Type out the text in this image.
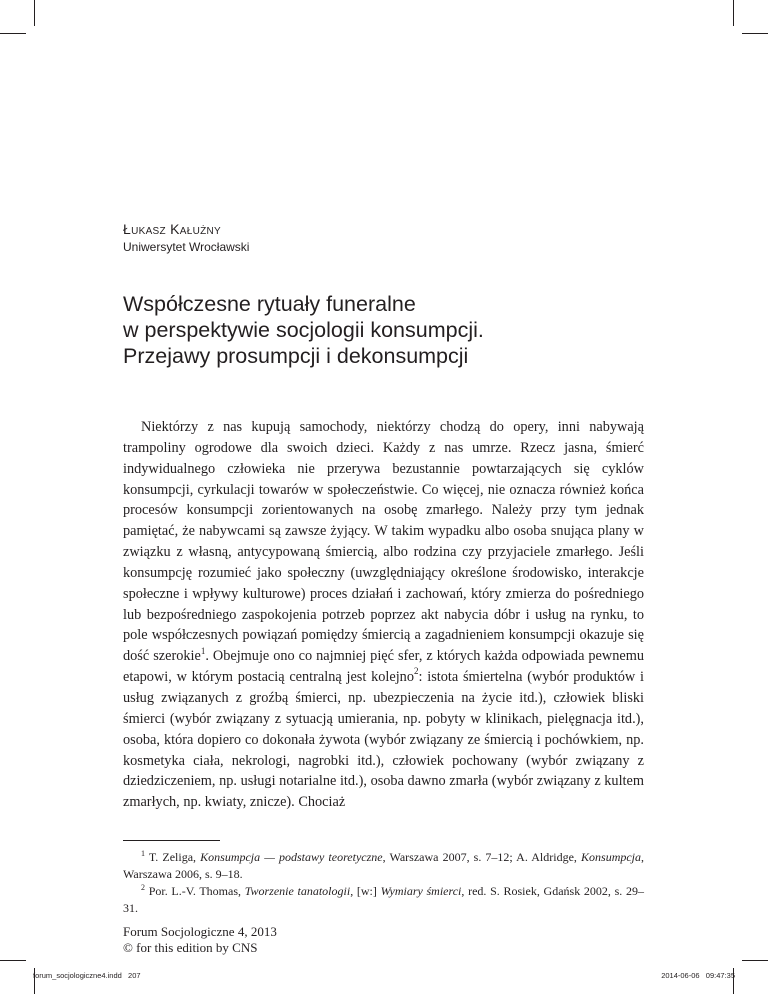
Łukasz Kałużny
Uniwersytet Wrocławski
Współczesne rytuały funeralne
w perspektywie socjologii konsumpcji.
Przejawy prosumpcji i dekonsumpcji

Niektórzy z nas kupują samochody, niektórzy chodzą do opery, inni nabywają trampoliny ogrodowe dla swoich dzieci. Każdy z nas umrze. Rzecz jasna, śmierć indywidualnego człowieka nie przerywa bezustannie powtarzających się cyklów konsumpcji, cyrkulacji towarów w społeczeństwie. Co więcej, nie oznacza również końca procesów konsumpcji zorientowanych na osobę zmarłego. Należy przy tym jednak pamiętać, że nabywcami są zawsze żyjący. W takim wypadku albo osoba snująca plany w związku z własną, antycypowaną śmiercią, albo rodzina czy przyjaciele zmarłego. Jeśli konsumpcję rozumieć jako społeczny (uwzględniający określone środowisko, interakcje społeczne i wpływy kulturowe) proces działań i zachowań, który zmierza do pośredniego lub bezpośredniego zaspokojenia potrzeb poprzez akt nabycia dóbr i usług na rynku, to pole współczesnych powiązań pomiędzy śmiercią a zagadnieniem konsumpcji okazuje się dość szerokie$^1$. Obejmuje ono co najmniej pięć sfer, z których każda odpowiada pewnemu etapowi, w którym postacią centralną jest kolejno$^2$: istota śmiertelna (wybór produktów i usług związanych z groźbą śmierci, np. ubezpieczenia na życie itd.), człowiek bliski śmierci (wybór związany z sytuacją umierania, np. pobyty w klinikach, pielęgnacja itd.), osoba, która dopiero co dokonała żywota (wybór związany ze śmiercią i pochówkiem, np. kosmetyka ciała, nekrologi, nagrobki itd.), człowiek pochowany (wybór związany z dziedziczeniem, np. usługi notarialne itd.), osoba dawno zmarła (wybór związany z kultem zmarłych, np. kwiaty, znicze). Chociaż

$^1$ T. Zeliga, Konsumpcja — podstawy teoretyczne, Warszawa 2007, s. 7–12; A. Aldridge, Konsumpcja, Warszawa 2006, s. 9–18.
$^2$ Por. L.-V. Thomas, Tworzenie tanatologii, [w:] Wymiary śmierci, red. S. Rosiek, Gdańsk 2002, s. 29–31.
Forum Socjologiczne 4, 2013
© for this edition by CNS
forum_socjologiczne4.indd   207	2014-06-06   09:47:35
